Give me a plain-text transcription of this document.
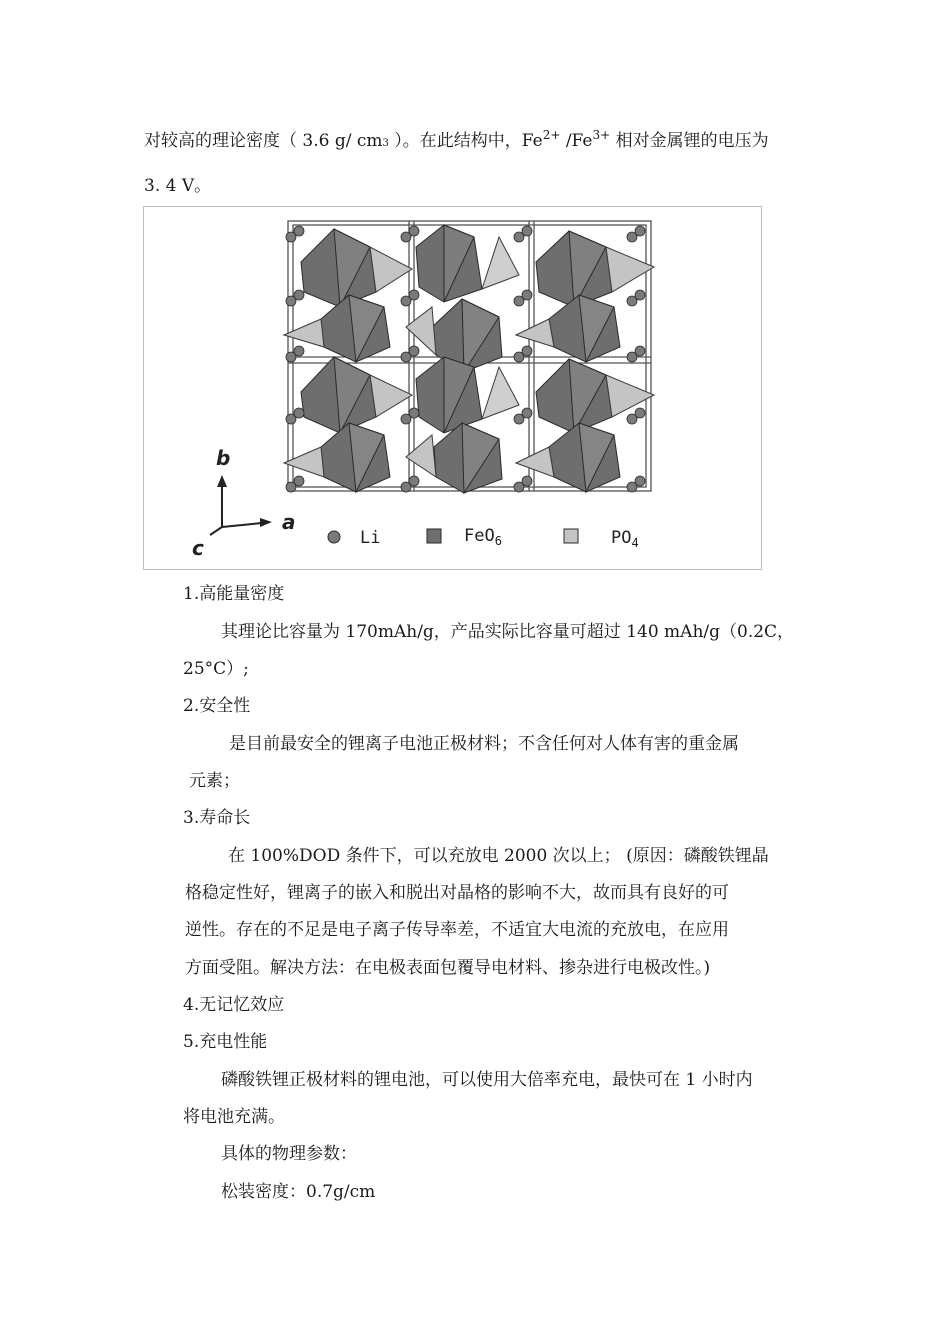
对较高的理论密度（ 3.6 g/ cm3 ）。在此结构中，$Fe^{2+}$ $/Fe^{3+}$ 相对金属锂的电压为
3. 4 V。
b
a
c	Li	FeO$_6$	$PO_4$
1.高能量密度
其理论比容量为 170mAh/g，产品实际比容量可超过 140 mAh/g（0.2C，
25°C）;
2.安全性
是目前最安全的锂离子电池正极材料；不含任何对人体有害的重金属
元素；
3.寿命长
在 100%DOD 条件下，可以充放电 2000 次以上； (原因：磷酸铁锂晶
格稳定性好，锂离子的嵌入和脱出对晶格的影响不大，故而具有良好的可
逆性。存在的不足是电子离子传导率差，不适宜大电流的充放电，在应用
方面受阻。解决方法：在电极表面包覆导电材料、掺杂进行电极改性。)
4.无记忆效应
5.充电性能
磷酸铁锂正极材料的锂电池，可以使用大倍率充电，最快可在 1 小时内
将电池充满。
具体的物理参数：
松装密度：0.7g/cm
